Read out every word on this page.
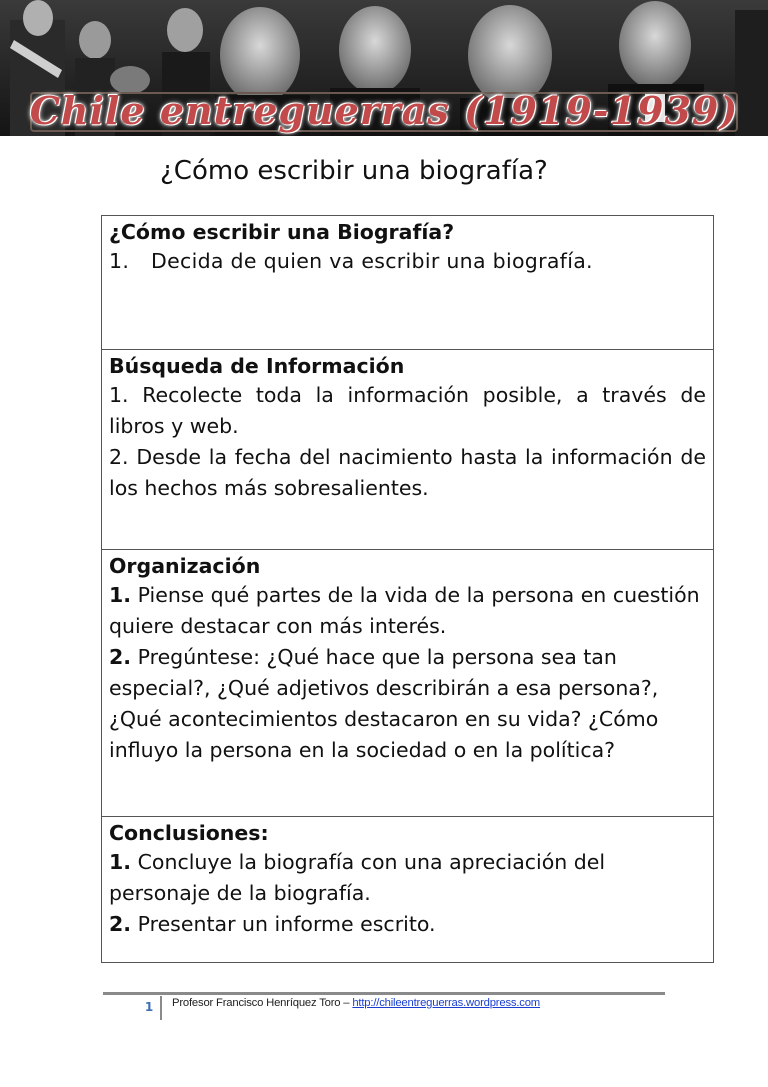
Chile entreguerras (1919-1939)
¿Cómo escribir una biografía?
¿Cómo escribir una Biografía?

1. Decida de quien va escribir una biografía.

Búsqueda de Información

1. Recolecte toda la información posible, a través de libros y web.

2. Desde la fecha del nacimiento hasta la información de los hechos más sobresalientes.

Organización

1. Piense qué partes de la vida de la persona en cuestión quiere destacar con más interés.

2. Pregúntese: ¿Qué hace que la persona sea tan especial?, ¿Qué adjetivos describirán a esa persona?, ¿Qué acontecimientos destacaron en su vida? ¿Cómo influyo la persona en la sociedad o en la política?

Conclusiones:

1. Concluye la biografía con una apreciación del personaje de la biografía.

2. Presentar un informe escrito.

1	Profesor Francisco Henríquez Toro – http://chileentreguerras.wordpress.com
